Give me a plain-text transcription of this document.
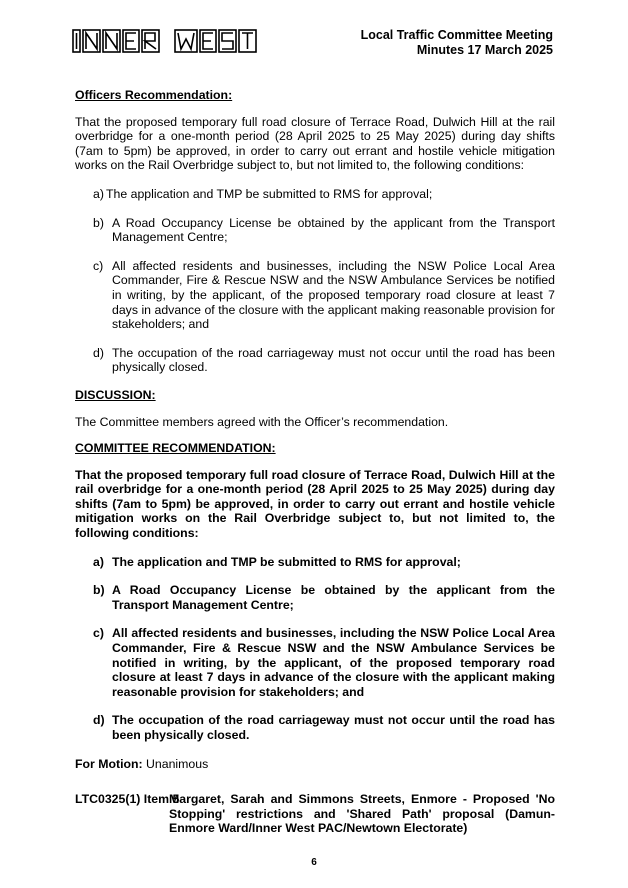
Local Traffic Committee Meeting
Minutes 17 March 2025

Officers Recommendation:

That the proposed temporary full road closure of Terrace Road, Dulwich Hill at the rail overbridge for a one-month period (28 April 2025 to 25 May 2025) during day shifts (7am to 5pm) be approved, in order to carry out errant and hostile vehicle mitigation works on the Rail Overbridge subject to, but not limited to, the following conditions:

a) The application and TMP be submitted to RMS for approval;
b) A Road Occupancy License be obtained by the applicant from the Transport Management Centre;
c) All affected residents and businesses, including the NSW Police Local Area Commander, Fire & Rescue NSW and the NSW Ambulance Services be notified in writing, by the applicant, of the proposed temporary road closure at least 7 days in advance of the closure with the applicant making reasonable provision for stakeholders; and
d) The occupation of the road carriageway must not occur until the road has been physically closed.

DISCUSSION:

The Committee members agreed with the Officer’s recommendation.

COMMITTEE RECOMMENDATION:

That the proposed temporary full road closure of Terrace Road, Dulwich Hill at the rail overbridge for a one-month period (28 April 2025 to 25 May 2025) during day shifts (7am to 5pm) be approved, in order to carry out errant and hostile vehicle mitigation works on the Rail Overbridge subject to, but not limited to, the following conditions:

a) The application and TMP be submitted to RMS for approval;
b) A Road Occupancy License be obtained by the applicant from the Transport Management Centre;
c) All affected residents and businesses, including the NSW Police Local Area Commander, Fire & Rescue NSW and the NSW Ambulance Services be notified in writing, by the applicant, of the proposed temporary road closure at least 7 days in advance of the closure with the applicant making reasonable provision for stakeholders; and
d) The occupation of the road carriageway must not occur until the road has been physically closed.

For Motion: Unanimous

LTC0325(1) Item 5
Margaret, Sarah and Simmons Streets, Enmore - Proposed 'No Stopping' restrictions and 'Shared Path' proposal (Damun-Enmore Ward/Inner West PAC/Newtown Electorate)
6
